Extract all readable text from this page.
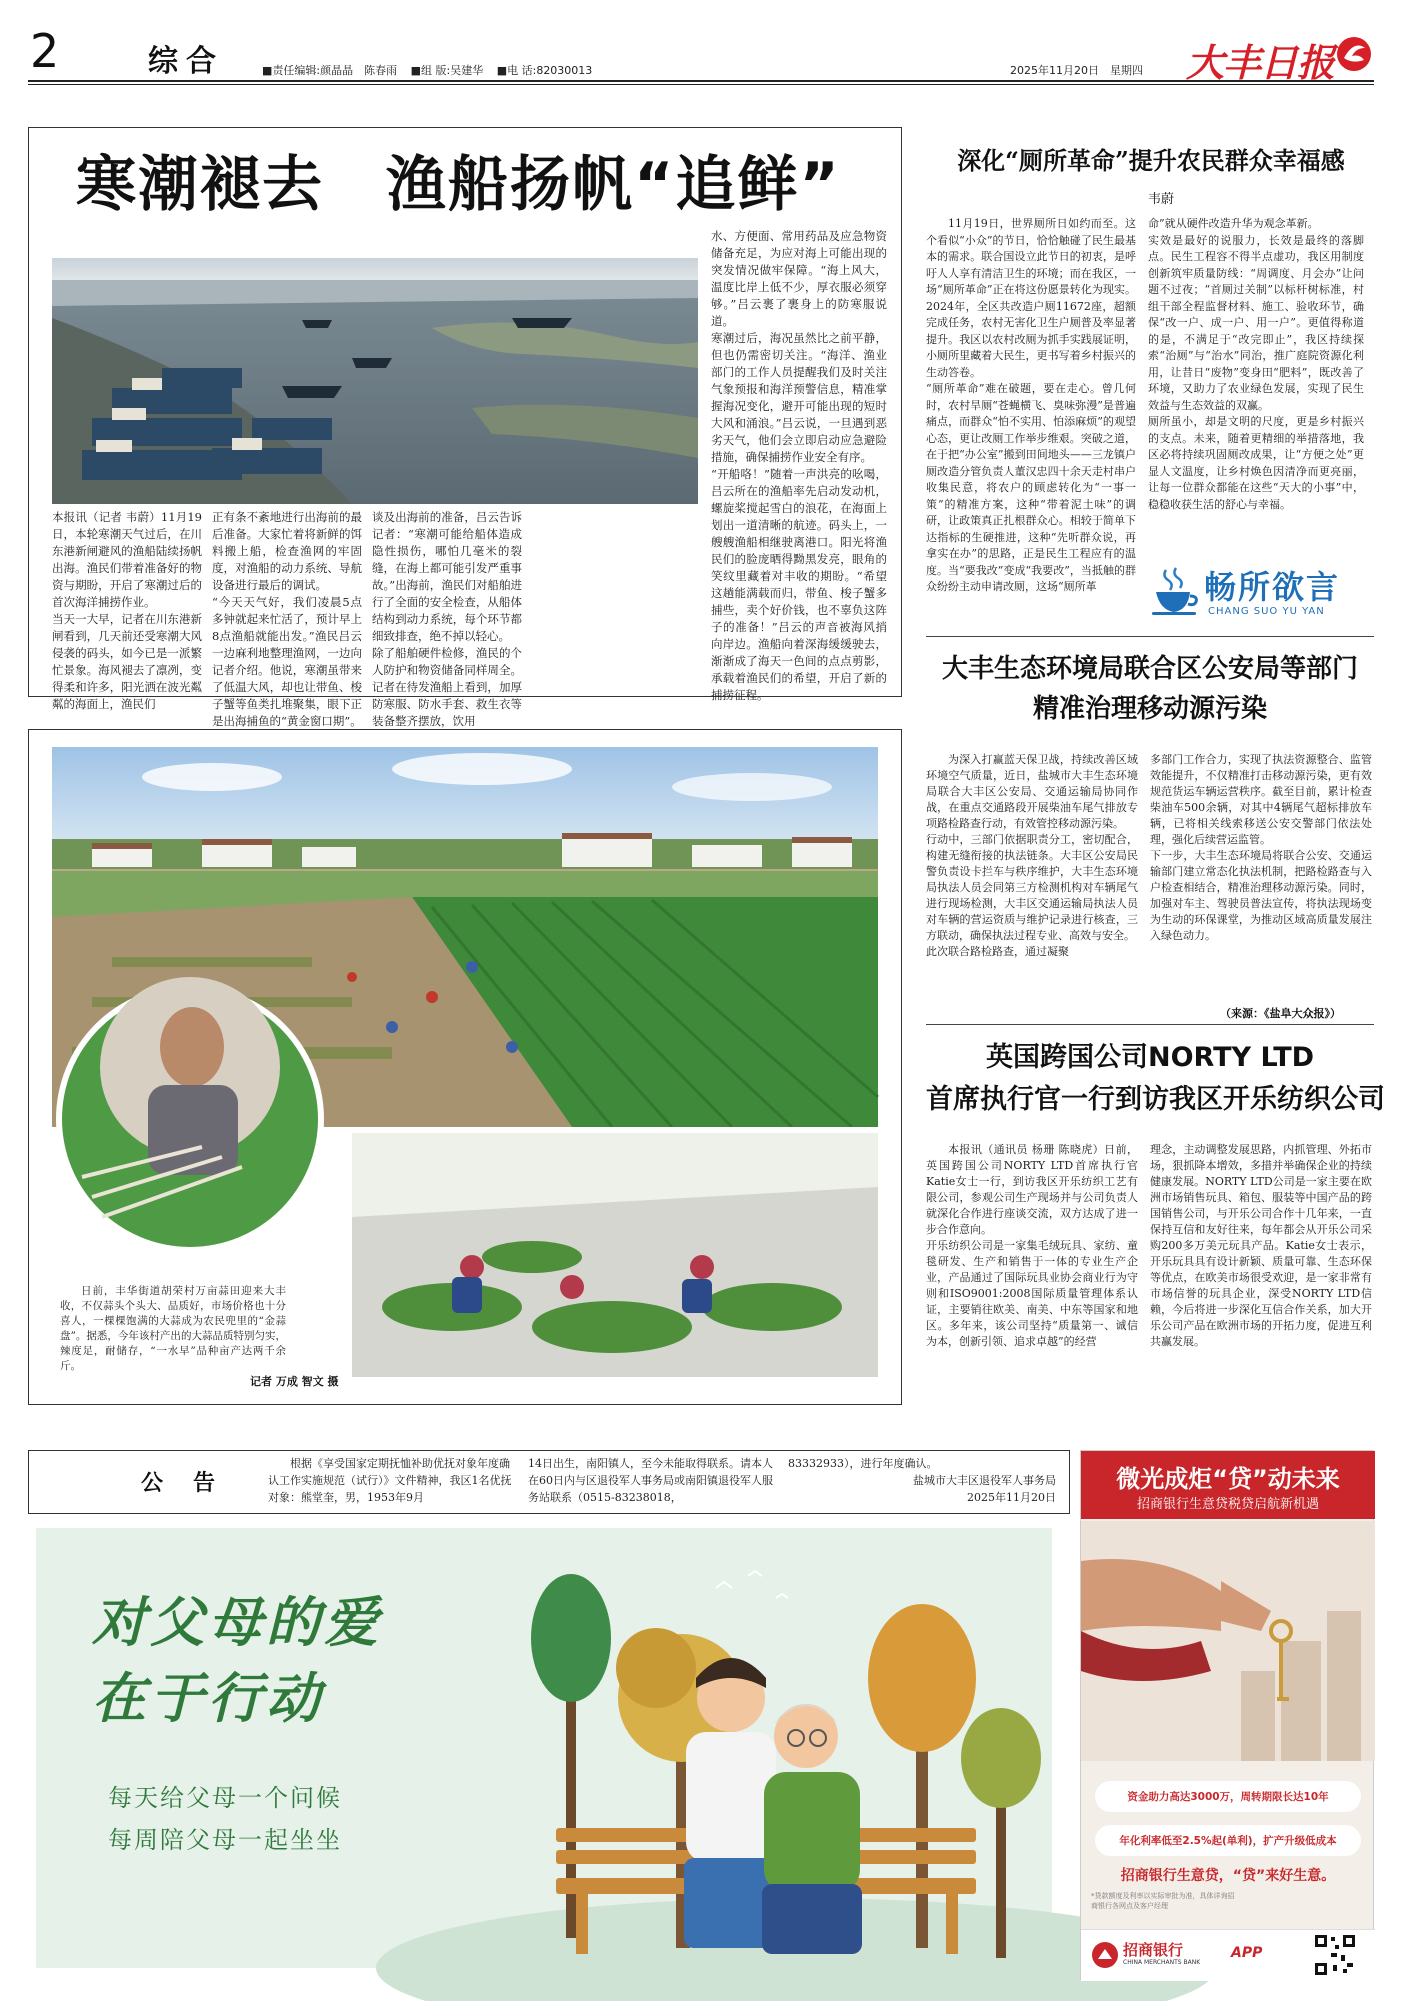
2	综合	■责任编辑:颜晶晶　陈春雨 ■组 版:吴建华 ■电 话:82030013	2025年11月20日　星期四 大丰日报
寒潮褪去　渔船扬帆“追鲜”

本报讯（记者 韦蔚）11月19日，本轮寒潮天气过后，在川东港新闸避风的渔船陆续扬帆出海。渔民们带着准备好的物资与期盼，开启了寒潮过后的首次海洋捕捞作业。
当天一大早，记者在川东港新闸看到，几天前还受寒潮大风侵袭的码头，如今已是一派繁忙景象。海风褪去了凛冽，变得柔和许多，阳光洒在波光粼粼的海面上，渔民们

正有条不紊地进行出海前的最后准备。大家忙着将新鲜的饵料搬上船，检查渔网的牢固度，对渔船的动力系统、导航设备进行最后的调试。
“今天天气好，我们凌晨5点多钟就起来忙活了，预计早上8点渔船就能出发。”渔民吕云一边麻利地整理渔网，一边向记者介绍。他说，寒潮虽带来了低温大风，却也让带鱼、梭子蟹等鱼类扎堆聚集，眼下正是出海捕鱼的“黄金窗口期”。

谈及出海前的准备，吕云告诉记者：“寒潮可能给船体造成隐性损伤，哪怕几毫米的裂缝，在海上都可能引发严重事故。”出海前，渔民们对船舶进行了全面的安全检查，从船体结构到动力系统，每个环节都细致排查，绝不掉以轻心。
除了船舶硬件检修，渔民的个人防护和物资储备同样周全。记者在待发渔船上看到，加厚防寒服、防水手套、救生衣等装备整齐摆放，饮用

水、方便面、常用药品及应急物资储备充足，为应对海上可能出现的突发情况做牢保障。“海上风大，温度比岸上低不少，厚衣服必须穿够。”吕云裹了裹身上的防寒服说道。
寒潮过后，海况虽然比之前平静，但也仍需密切关注。“海洋、渔业部门的工作人员提醒我们及时关注气象预报和海洋预警信息，精准掌握海况变化，避开可能出现的短时大风和涌浪。”吕云说，一旦遇到恶劣天气，他们会立即启动应急避险措施，确保捕捞作业安全有序。
“开船咯！”随着一声洪亮的吆喝，吕云所在的渔船率先启动发动机，螺旋桨搅起雪白的浪花，在海面上划出一道清晰的航迹。码头上，一艘艘渔船相继驶离港口。阳光将渔民们的脸庞晒得黝黑发亮，眼角的笑纹里藏着对丰收的期盼。“希望这趟能满载而归，带鱼、梭子蟹多捕些，卖个好价钱，也不辜负这阵子的准备！”吕云的声音被海风捎向岸边。渔船向着深海缓缓驶去，渐渐成了海天一色间的点点剪影，承载着渔民们的希望，开启了新的捕捞征程。

深化“厕所革命”提升农民群众幸福感
韦蔚

11月19日，世界厕所日如约而至。这个看似“小众”的节日，恰恰触碰了民生最基本的需求。联合国设立此节日的初衷，是呼吁人人享有清洁卫生的环境；而在我区，一场“厕所革命”正在将这份愿景转化为现实。2024年，全区共改造户厕11672座，超额完成任务，农村无害化卫生户厕普及率显著提升。我区以农村改厕为抓手实践展证明，小厕所里藏着大民生，更书写着乡村振兴的生动答卷。
“厕所革命”难在破题，要在走心。曾几何时，农村旱厕“苍蝇横飞、臭味弥漫”是普遍痛点，而群众“怕不实用、怕添麻烦”的观望心态，更让改厕工作举步维艰。突破之道，在于把“办公室”搬到田间地头——三龙镇户厕改造分管负责人董汉忠四十余天走村串户收集民意，将农户的顾虑转化为“一事一策”的精准方案，这种“带着泥土味”的调研，让政策真正扎根群众心。相较于简单下达指标的生硬推进，这种“先听群众说，再拿实在办”的思路，正是民生工程应有的温度。当“要我改”变成“我要改”，当抵触的群众纷纷主动申请改厕，这场“厕所革

命”就从硬件改造升华为观念革新。
实效是最好的说服力，长效是最终的落脚点。民生工程容不得半点虚功，我区用制度创新筑牢质量防线：“周调度、月会办”让问题不过夜；“首厕过关制”以标杆树标准，村组干部全程监督材料、施工、验收环节，确保“改一户、成一户、用一户”。更值得称道的是，不满足于“改完即止”，我区持续探索“治厕”与“治水”同治，推广庭院资源化利用，让昔日“废物”变身田“肥料”，既改善了环境，又助力了农业绿色发展，实现了民生效益与生态效益的双赢。
厕所虽小，却是文明的尺度，更是乡村振兴的支点。未来，随着更精细的举措落地，我区必将持续巩固厕改成果，让“方便之处”更显人文温度，让乡村焕色因清净而更亮丽，让每一位群众都能在这些“天大的小事”中，稳稳收获生活的舒心与幸福。

畅所欲言
CHANG SUO YU YAN
大丰生态环境局联合区公安局等部门
精准治理移动源污染

为深入打赢蓝天保卫战，持续改善区域环境空气质量，近日，盐城市大丰生态环境局联合大丰区公安局、交通运输局协同作战，在重点交通路段开展柴油车尾气排放专项路检路查行动，有效管控移动源污染。
行动中，三部门依据职责分工，密切配合，构建无缝衔接的执法链条。大丰区公安局民警负责设卡拦车与秩序维护，大丰生态环境局执法人员会同第三方检测机构对车辆尾气进行现场检测，大丰区交通运输局执法人员对车辆的营运资质与维护记录进行核查，三方联动，确保执法过程专业、高效与安全。
此次联合路检路查，通过凝聚

多部门工作合力，实现了执法资源整合、监管效能提升，不仅精准打击移动源污染，更有效规范货运车辆运营秩序。截至目前，累计检查柴油车500余辆，对其中4辆尾气超标排放车辆，已将相关线索移送公安交警部门依法处理，强化后续营运监管。
下一步，大丰生态环境局将联合公安、交通运输部门建立常态化执法机制，把路检路查与入户检查相结合，精准治理移动源污染。同时，加强对车主、驾驶员普法宣传，将执法现场变为生动的环保课堂，为推动区域高质量发展注入绿色动力。

（来源：《盐阜大众报》）
英国跨国公司NORTY LTD
首席执行官一行到访我区开乐纺织公司

本报讯（通讯员 杨珊 陈晓虎）日前，英国跨国公司NORTY LTD首席执行官Katie女士一行，到访我区开乐纺织工艺有限公司，参观公司生产现场并与公司负责人就深化合作进行座谈交流，双方达成了进一步合作意向。
开乐纺织公司是一家集毛绒玩具、家纺、童毯研发、生产和销售于一体的专业生产企业，产品通过了国际玩具业协会商业行为守则和ISO9001:2008国际质量管理体系认证，主要销往欧美、南美、中东等国家和地区。多年来，该公司坚持“质量第一、诚信为本，创新引领、追求卓越”的经营

理念，主动调整发展思路，内抓管理、外拓市场，狠抓降本增效，多措并举确保企业的持续健康发展。NORTY LTD公司是一家主要在欧洲市场销售玩具、箱包、服装等中国产品的跨国销售公司，与开乐公司合作十几年来，一直保持互信和友好往来，每年都会从开乐公司采购200多万美元玩具产品。Katie女士表示，开乐玩具具有设计新颖、质量可靠、生态环保等优点，在欧美市场很受欢迎，是一家非常有市场信誉的玩具企业，深受NORTY LTD信赖，今后将进一步深化互信合作关系，加大开乐公司产品在欧洲市场的开拓力度，促进互利共赢发展。

日前，丰华街道胡荣村万亩蒜田迎来大丰收，不仅蒜头个头大、品质好，市场价格也十分喜人，一棵棵饱满的大蒜成为农民兜里的“金蒜盘”。据悉，今年该村产出的大蒜品质特别匀实，辣度足，耐储存，“一水早”品种亩产达两千余斤。

记者 万成 智文 摄
公　告

根据《享受国家定期抚恤补助优抚对象年度确认工作实施规范（试行）》文件精神，我区1名优抚对象：熊堂奎，男，1953年9月

14日出生，南阳镇人，至今未能取得联系。请本人在60日内与区退役军人事务局或南阳镇退役军人服务站联系（0515-83238018，

83332933），进行年度确认。

盐城市大丰区退役军人事务局

2025年11月20日

对父母的爱
在于行动
每天给父母一个问候
每周陪父母一起坐坐
微光成炬“贷”动未来
招商银行生意贷税贷启航新机遇
资金助力高达3000万，周转期限长达10年
年化利率低至2.5%起(单利)，扩产升级低成本
招商银行生意贷，“贷”来好生意。
*贷款额度及利率以实际审批为准，具体详询招商银行各网点及客户经理
招商银行
CHINA MERCHANTS BANK
APP
